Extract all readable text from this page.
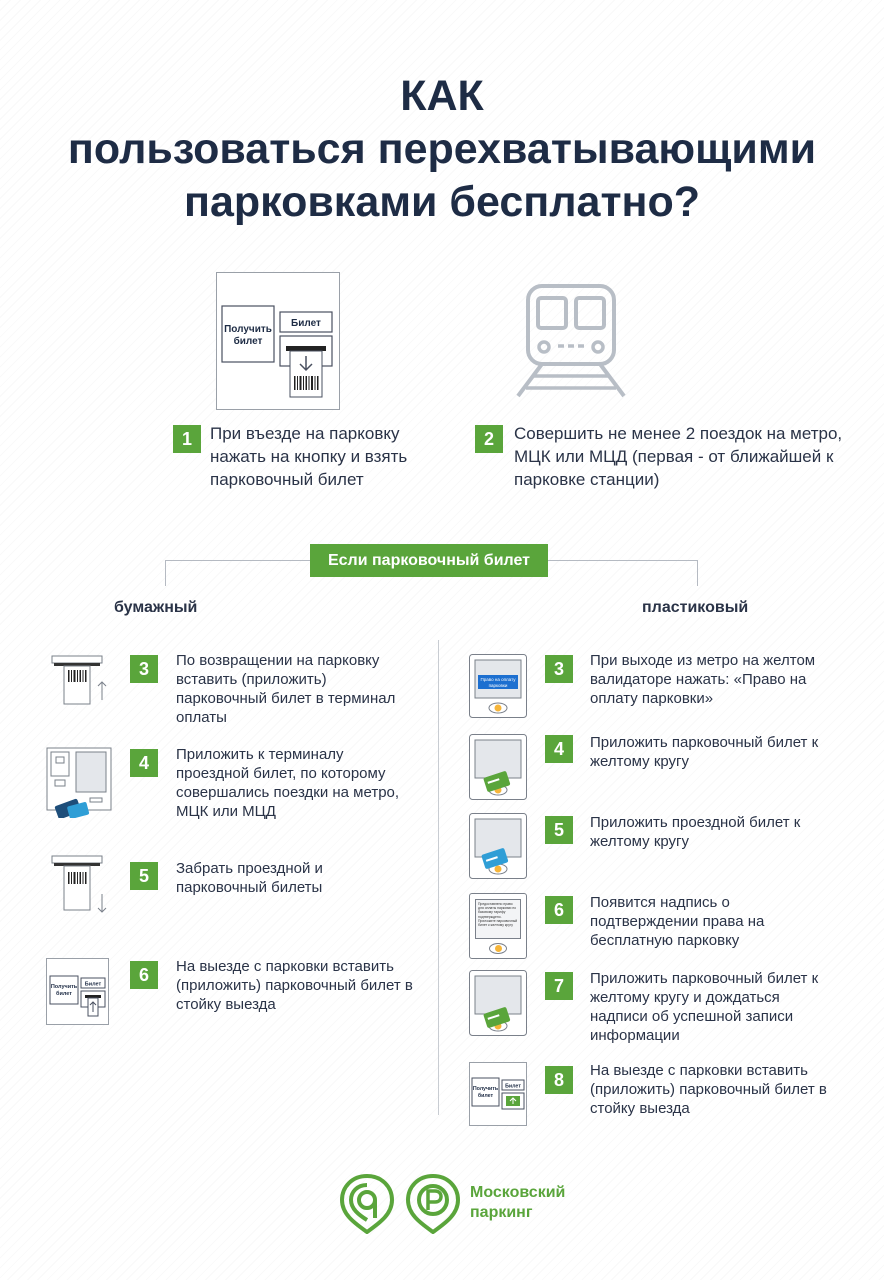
КАК
пользоваться перехватывающими
парковками бесплатно?
Получить
билет
Билет
1	При въезде на парковку нажать на кнопку и взять парковочный билет
2	Совершить не менее 2 поездок на метро, МЦК или МЦД (первая - от ближайшей к парковке станции)
Если парковочный билет
бумажный	пластиковый
3	По возвращении на парковку вставить (приложить) парковочный билет в терминал оплаты
4	Приложить к терминалу проездной билет, по которому совершались поездки на метро, МЦК или МЦД
5	Забрать проездной и парковочный билеты
Получить
билет
Билет	6	На выезде с парковки вставить (приложить) парковочный билет в стойку выезда
Право на оплату
парковки
3	При выходе из метро на желтом валидаторе нажать: «Право на оплату парковки»
4	Приложить парковочный билет к желтому кругу
5	Приложить проездной билет к желтому кругу
Предоставлено право для оплаты парковки по базовому тарифу подтверждено. Приложите парковочный билет к желтому кругу
6	Появится надпись о подтверждении права на бесплатную парковку
7	Приложить парковочный билет к желтому кругу и дождаться надписи об успешной записи информации
Получить
билет
Билет	8	На выезде с парковки вставить (приложить) парковочный билет в стойку выезда
Московский
паркинг
